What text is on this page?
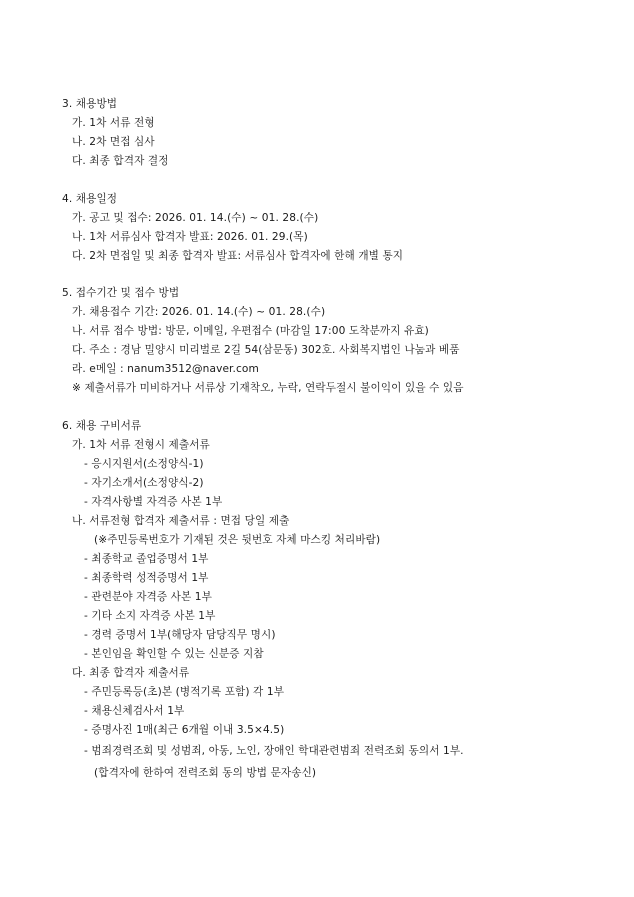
3. 채용방법
가. 1차 서류 전형
나. 2차 면접 심사
다. 최종 합격자 결정
4. 채용일정
가. 공고 및 접수: 2026. 01. 14.(수) ~ 01. 28.(수)
나. 1차 서류심사 합격자 발표: 2026. 01. 29.(목)
다. 2차 면접일 및 최종 합격자 발표: 서류심사 합격자에 한해 개별 통지
5. 접수기간 및 접수 방법
가. 채용접수 기간: 2026. 01. 14.(수) ~ 01. 28.(수)
나. 서류 접수 방법: 방문, 이메일, 우편접수 (마감일 17:00 도착분까지 유효)
다. 주소 : 경남 밀양시 미리벌로 2길 54(삼문동) 302호. 사회복지법인 나눔과 베품
라. e메일 : nanum3512@naver.com
※ 제출서류가 미비하거나 서류상 기재착오, 누락, 연락두절시 불이익이 있을 수 있음
6. 채용 구비서류
가. 1차 서류 전형시 제출서류
- 응시지원서(소정양식-1)
- 자기소개서(소정양식-2)
- 자격사항별 자격증 사본 1부
나. 서류전형 합격자 제출서류 : 면접 당일 제출
(※주민등록번호가 기재된 것은 뒷번호 자체 마스킹 처리바람)
- 최종학교 졸업증명서 1부
- 최종학력 성적증명서 1부
- 관련분야 자격증 사본 1부
- 기타 소지 자격증 사본 1부
- 경력 증명서 1부(해당자 담당직무 명시)
- 본인임을 확인할 수 있는 신분증 지참
다. 최종 합격자 제출서류
- 주민등록등(초)본 (병적기록 포함) 각 1부
- 채용신체검사서 1부
- 증명사진 1매(최근 6개월 이내 3.5×4.5)
- 범죄경력조회 및 성범죄, 아동, 노인, 장애인 학대관련범죄 전력조회 동의서 1부.
(합격자에 한하여 전력조회 동의 방법 문자송신)
